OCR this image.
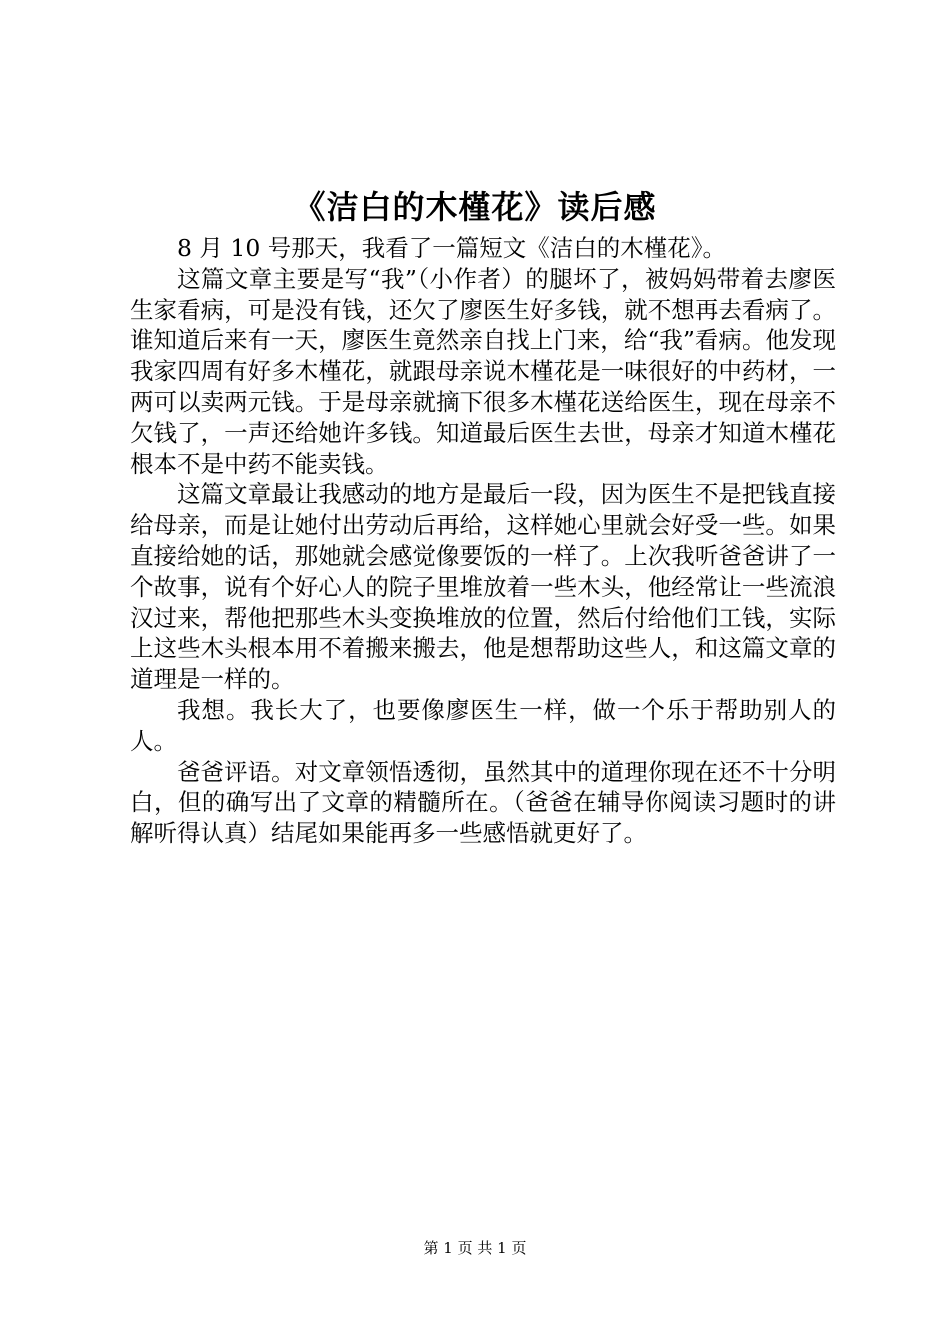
《洁白的木槿花》读后感

8 月 10 号那天，我看了一篇短文《洁白的木槿花》。

这篇文章主要是写“我”（小作者）的腿坏了，被妈妈带着去廖医生家看病，可是没有钱，还欠了廖医生好多钱，就不想再去看病了。谁知道后来有一天，廖医生竟然亲自找上门来，给“我”看病。他发现我家四周有好多木槿花，就跟母亲说木槿花是一味很好的中药材，一两可以卖两元钱。于是母亲就摘下很多木槿花送给医生，现在母亲不欠钱了，一声还给她许多钱。知道最后医生去世，母亲才知道木槿花根本不是中药不能卖钱。

这篇文章最让我感动的地方是最后一段，因为医生不是把钱直接给母亲，而是让她付出劳动后再给，这样她心里就会好受一些。如果直接给她的话，那她就会感觉像要饭的一样了。上次我听爸爸讲了一个故事，说有个好心人的院子里堆放着一些木头，他经常让一些流浪汉过来，帮他把那些木头变换堆放的位置，然后付给他们工钱，实际上这些木头根本用不着搬来搬去，他是想帮助这些人，和这篇文章的道理是一样的。

我想。我长大了，也要像廖医生一样，做一个乐于帮助别人的人。

爸爸评语。对文章领悟透彻，虽然其中的道理你现在还不十分明白，但的确写出了文章的精髓所在。（爸爸在辅导你阅读习题时的讲解听得认真）结尾如果能再多一些感悟就更好了。

第 1 页 共 1 页
